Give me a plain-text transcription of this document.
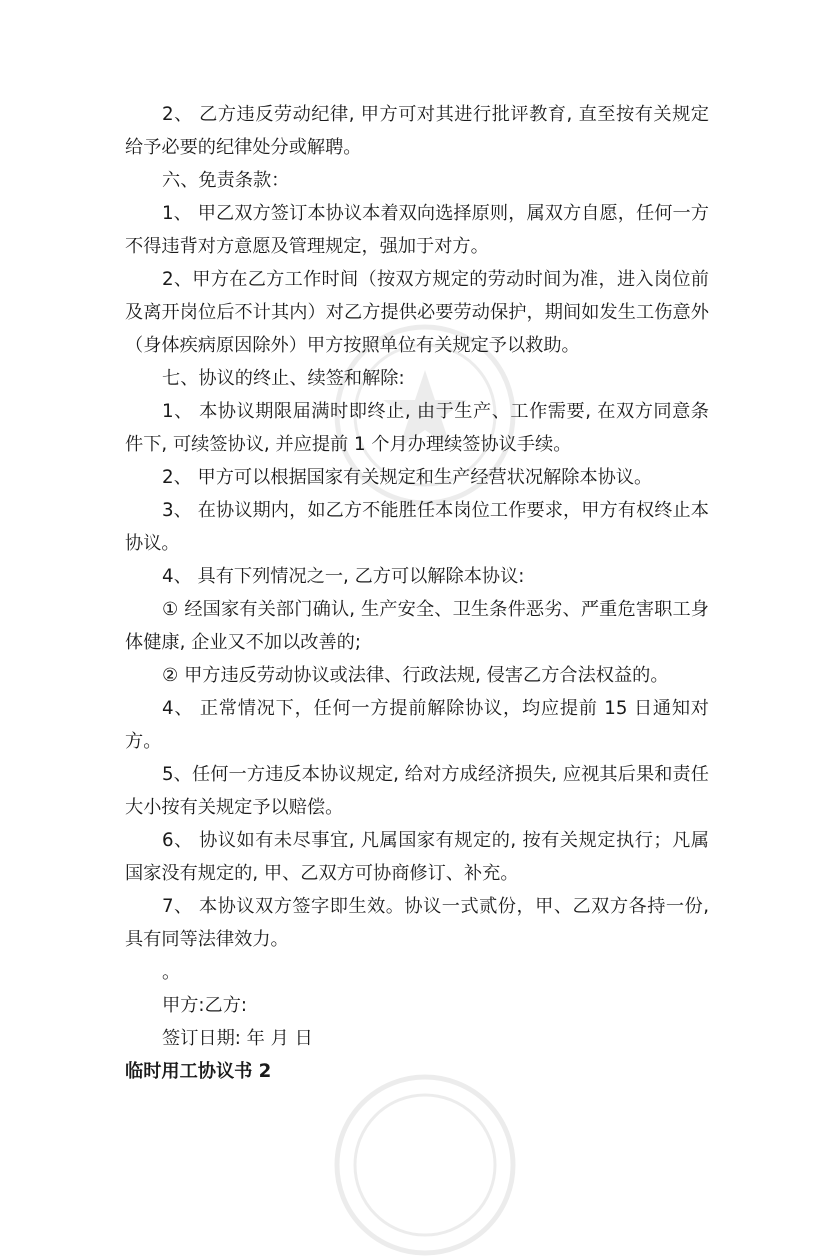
2、 乙方违反劳动纪律, 甲方可对其进行批评教育, 直至按有关规定给予必要的纪律处分或解聘。

六、免责条款：

1、 甲乙双方签订本协议本着双向选择原则，属双方自愿，任何一方不得违背对方意愿及管理规定，强加于对方。

2、甲方在乙方工作时间（按双方规定的劳动时间为准，进入岗位前及离开岗位后不计其内）对乙方提供必要劳动保护，期间如发生工伤意外（身体疾病原因除外）甲方按照单位有关规定予以救助。

七、协议的终止、续签和解除:

1、 本协议期限届满时即终止, 由于生产、工作需要, 在双方同意条件下, 可续签协议, 并应提前 1 个月办理续签协议手续。

2、 甲方可以根据国家有关规定和生产经营状况解除本协议。

3、 在协议期内，如乙方不能胜任本岗位工作要求，甲方有权终止本协议。

4、 具有下列情况之一, 乙方可以解除本协议:

① 经国家有关部门确认, 生产安全、卫生条件恶劣、严重危害职工身体健康, 企业又不加以改善的;

② 甲方违反劳动协议或法律、行政法规, 侵害乙方合法权益的。

4、 正常情况下，任何一方提前解除协议，均应提前 15 日通知对方。

5、任何一方违反本协议规定, 给对方成经济损失, 应视其后果和责任大小按有关规定予以赔偿。

6、 协议如有未尽事宜, 凡属国家有规定的, 按有关规定执行；凡属国家没有规定的, 甲、乙双方可协商修订、补充。

7、 本协议双方签字即生效。协议一式贰份，甲、乙双方各持一份,具有同等法律效力。

。

甲方:乙方:

签订日期: 年 月 日

临时用工协议书 2
